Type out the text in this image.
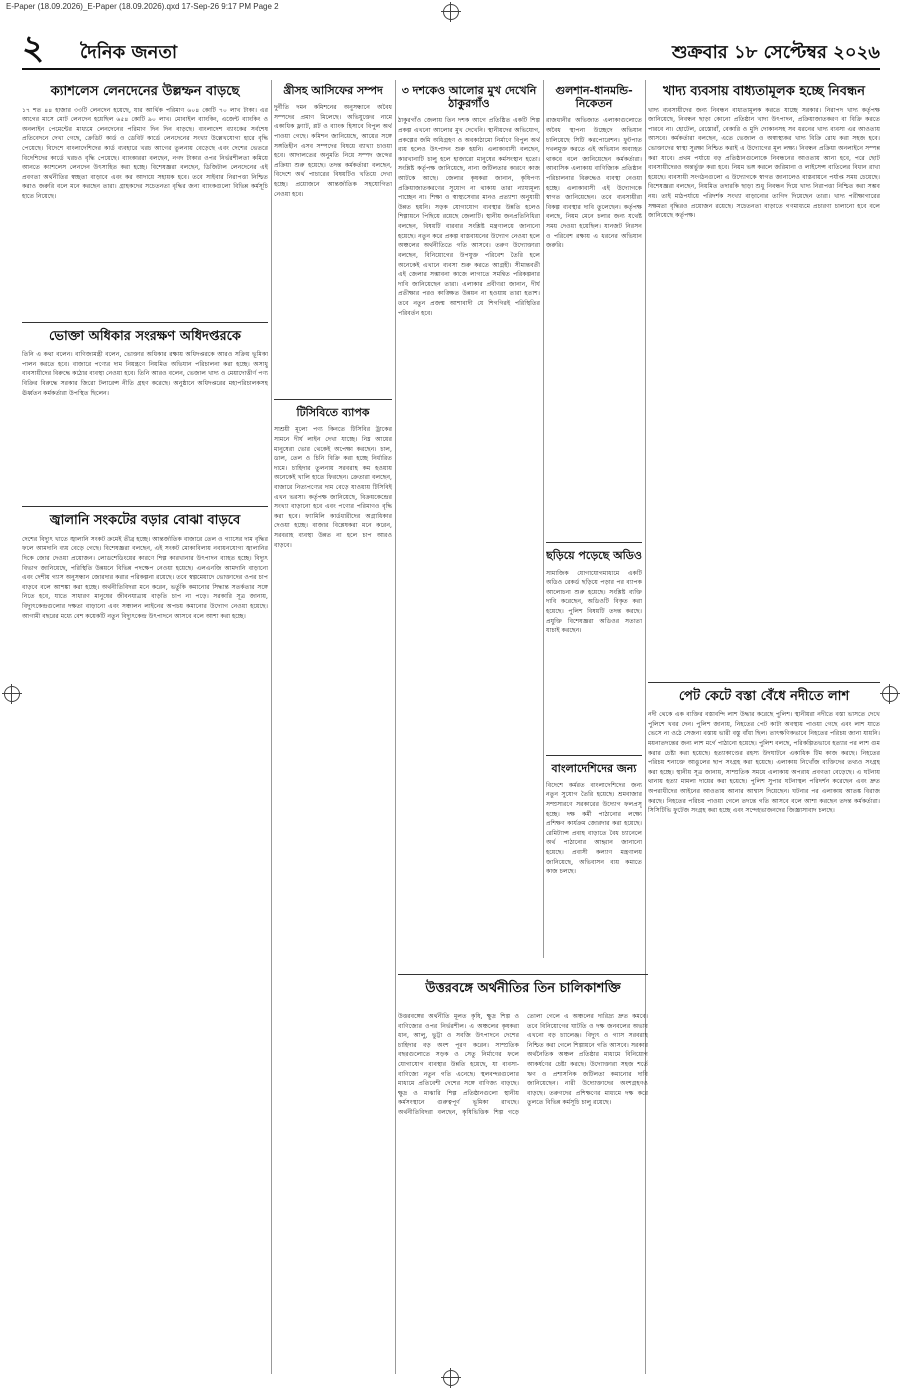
E-Paper (18.09.2026)_E-Paper (18.09.2026).qxd 17-Sep-26 9:17 PM Page 2
২ দৈনিক জনতা	শুক্রবার ১৮ সেপ্টেম্বর ২০২৬
ক্যাশলেস লেনদেনের উল্লম্ফন বাড়ছে
১৭ শত ৪৪ হাজার ৩৩টি লেনদেন হয়েছে, যার আর্থিক পরিমাণ ৬০৪ কোটি ৭০ লাখ টাকা। এর আগের মাসে মোট লেনদেন হয়েছিল ৬৫৪ কোটি ৯০ লাখ। মোবাইল ব্যাংকিং, এজেন্ট ব্যাংকিং ও অনলাইন পেমেন্টের মাধ্যমে লেনদেনের পরিমাণ দিন দিন বাড়ছে। বাংলাদেশ ব্যাংকের সর্বশেষ প্রতিবেদনে দেখা গেছে, ক্রেডিট কার্ড ও ডেবিট কার্ডে লেনদেনের সংখ্যা উল্লেখযোগ্য হারে বৃদ্ধি পেয়েছে। বিদেশে বাংলাদেশিদের কার্ড ব্যবহারে খরচ আগের তুলনায় বেড়েছে এবং দেশের ভেতরে বিদেশিদের কার্ডে খরচও বৃদ্ধি পেয়েছে। ব্যাংকাররা বলছেন, নগদ টাকার ওপর নির্ভরশীলতা কমিয়ে আনতে ক্যাশলেস লেনদেন উৎসাহিত করা হচ্ছে। বিশেষজ্ঞরা বলছেন, ডিজিটাল লেনদেনের এই প্রবণতা অর্থনীতির স্বচ্ছতা বাড়াবে এবং কর আদায়ে সহায়ক হবে। তবে সাইবার নিরাপত্তা নিশ্চিত করাও জরুরি বলে মনে করছেন তারা। গ্রাহকদের সচেতনতা বৃদ্ধির জন্য ব্যাংকগুলো বিভিন্ন কর্মসূচি হাতে নিয়েছে।
ভোক্তা অধিকার সংরক্ষণ অধিদপ্তরকে
তিনি এ কথা বলেন। বাণিজ্যমন্ত্রী বলেন, ভোক্তার অধিকার রক্ষায় অধিদপ্তরকে আরও সক্রিয় ভূমিকা পালন করতে হবে। বাজারে পণ্যের দাম নিয়ন্ত্রণে নিয়মিত অভিযান পরিচালনা করা হচ্ছে। অসাধু ব্যবসায়ীদের বিরুদ্ধে কঠোর ব্যবস্থা নেওয়া হবে। তিনি আরও বলেন, ভেজাল খাদ্য ও মেয়াদোত্তীর্ণ পণ্য বিক্রির বিরুদ্ধে সরকার জিরো টলারেন্স নীতি গ্রহণ করেছে। অনুষ্ঠানে অধিদপ্তরের মহাপরিচালকসহ ঊর্ধ্বতন কর্মকর্তারা উপস্থিত ছিলেন।
জ্বালানি সংকটের বড়ার বোঝা বাড়বে
দেশের বিদ্যুৎ খাতে জ্বালানি সংকট ক্রমেই তীব্র হচ্ছে। আন্তর্জাতিক বাজারে তেল ও গ্যাসের দাম বৃদ্ধির ফলে আমদানি ব্যয় বেড়ে গেছে। বিশেষজ্ঞরা বলছেন, এই সংকট মোকাবিলায় নবায়নযোগ্য জ্বালানির দিকে জোর দেওয়া প্রয়োজন। লোডশেডিংয়ের কারণে শিল্প কারখানার উৎপাদন ব্যাহত হচ্ছে। বিদ্যুৎ বিভাগ জানিয়েছে, পরিস্থিতি উন্নয়নে বিভিন্ন পদক্ষেপ নেওয়া হয়েছে। এলএনজি আমদানি বাড়ানো এবং দেশীয় গ্যাস অনুসন্ধান জোরদার করার পরিকল্পনা রয়েছে। তবে স্বল্পমেয়াদে ভোক্তাদের ওপর চাপ বাড়বে বলে আশঙ্কা করা হচ্ছে। অর্থনীতিবিদরা মনে করেন, ভর্তুকি কমানোর সিদ্ধান্ত সতর্কতার সঙ্গে নিতে হবে, যাতে সাধারণ মানুষের জীবনযাত্রায় বাড়তি চাপ না পড়ে। সরকারি সূত্র জানায়, বিদ্যুৎকেন্দ্রগুলোর দক্ষতা বাড়ানো এবং সঞ্চালন লাইনের অপচয় কমানোর উদ্যোগ নেওয়া হয়েছে। আগামী বছরের মধ্যে বেশ কয়েকটি নতুন বিদ্যুৎকেন্দ্র উৎপাদনে আসবে বলে আশা করা হচ্ছে।
খ্রীসহ আসিফের সম্পদ
দুর্নীতি দমন কমিশনের অনুসন্ধানে অবৈধ সম্পদের প্রমাণ মিলেছে। অভিযুক্তের নামে একাধিক ফ্ল্যাট, প্লট ও ব্যাংক হিসাবে বিপুল অর্থ পাওয়া গেছে। কমিশন জানিয়েছে, আয়ের সঙ্গে সঙ্গতিহীন এসব সম্পদের বিষয়ে ব্যাখ্যা চাওয়া হবে। আদালতের অনুমতি নিয়ে সম্পদ জব্দের প্রক্রিয়া শুরু হয়েছে। তদন্ত কর্মকর্তারা বলছেন, বিদেশে অর্থ পাচারের বিষয়টিও খতিয়ে দেখা হচ্ছে। প্রয়োজনে আন্তর্জাতিক সহযোগিতা নেওয়া হবে।
টিসিবিতে ব্যাপক
সাশ্রয়ী মূল্যে পণ্য কিনতে টিসিবির ট্রাকের সামনে দীর্ঘ লাইন দেখা যাচ্ছে। নিম্ন আয়ের মানুষেরা ভোর থেকেই অপেক্ষা করছেন। চাল, ডাল, তেল ও চিনি বিক্রি করা হচ্ছে নির্ধারিত দামে। চাহিদার তুলনায় সরবরাহ কম হওয়ায় অনেকেই খালি হাতে ফিরছেন। ক্রেতারা বলছেন, বাজারে নিত্যপণ্যের দাম বেড়ে যাওয়ায় টিসিবিই এখন ভরসা। কর্তৃপক্ষ জানিয়েছে, বিক্রয়কেন্দ্রের সংখ্যা বাড়ানো হবে এবং পণ্যের পরিমাণও বৃদ্ধি করা হবে। ফ্যামিলি কার্ডধারীদের অগ্রাধিকার দেওয়া হচ্ছে। বাজার বিশ্লেষকরা মনে করেন, সরবরাহ ব্যবস্থা উন্নত না হলে চাপ আরও বাড়বে।
৩ দশকেও আলোর মুখ দেখেনি ঠাকুরগাঁও
ঠাকুরগাঁও জেলায় তিন দশক আগে প্রতিষ্ঠিত একটি শিল্প প্রকল্প এখনো আলোর মুখ দেখেনি। স্থানীয়দের অভিযোগ, প্রকল্পের জমি অধিগ্রহণ ও অবকাঠামো নির্মাণে বিপুল অর্থ ব্যয় হলেও উৎপাদন শুরু হয়নি। এলাকাবাসী বলছেন, কারখানাটি চালু হলে হাজারো মানুষের কর্মসংস্থান হতো। সংশ্লিষ্ট কর্তৃপক্ষ জানিয়েছে, নানা জটিলতার কারণে কাজ আটকে আছে। জেলার কৃষকরা জানান, কৃষিপণ্য প্রক্রিয়াজাতকরণের সুযোগ না থাকায় তারা ন্যায্যমূল্য পাচ্ছেন না। শিক্ষা ও স্বাস্থ্যসেবার মানও প্রত্যাশা অনুযায়ী উন্নত হয়নি। সড়ক যোগাযোগ ব্যবস্থার উন্নতি হলেও শিল্পায়নে পিছিয়ে রয়েছে জেলাটি। স্থানীয় জনপ্রতিনিধিরা বলছেন, বিষয়টি বারবার সংশ্লিষ্ট মন্ত্রণালয়ে জানানো হয়েছে। নতুন করে প্রকল্প বাস্তবায়নের উদ্যোগ নেওয়া হলে অঞ্চলের অর্থনীতিতে গতি আসবে। তরুণ উদ্যোক্তারা বলছেন, বিনিয়োগের উপযুক্ত পরিবেশ তৈরি হলে অনেকেই এখানে ব্যবসা শুরু করতে আগ্রহী। সীমান্তবর্তী এই জেলার সম্ভাবনা কাজে লাগাতে সমন্বিত পরিকল্পনার দাবি জানিয়েছেন তারা। এলাকার প্রবীণরা জানান, দীর্ঘ প্রতীক্ষার পরও কাঙ্ক্ষিত উন্নয়ন না হওয়ায় তারা হতাশ। তবে নতুন প্রজন্ম আশাবাদী যে শিগগিরই পরিস্থিতির পরিবর্তন হবে।
গুলশান-ধানমন্ডি-নিকেতন
রাজধানীর অভিজাত এলাকাগুলোতে অবৈধ স্থাপনা উচ্ছেদে অভিযান চালিয়েছে সিটি করপোরেশন। ফুটপাত দখলমুক্ত করতে এই অভিযান অব্যাহত থাকবে বলে জানিয়েছেন কর্মকর্তারা। আবাসিক এলাকায় বাণিজ্যিক প্রতিষ্ঠান পরিচালনার বিরুদ্ধেও ব্যবস্থা নেওয়া হচ্ছে। এলাকাবাসী এই উদ্যোগকে স্বাগত জানিয়েছেন। তবে ব্যবসায়ীরা বিকল্প ব্যবস্থার দাবি তুলেছেন। কর্তৃপক্ষ বলছে, নিয়ম মেনে চলার জন্য যথেষ্ট সময় দেওয়া হয়েছিল। যানজট নিরসন ও পরিবেশ রক্ষায় এ ধরনের অভিযান জরুরি।
ছড়িয়ে পড়েছে অডিও
সামাজিক যোগাযোগমাধ্যমে একটি অডিও রেকর্ড ছড়িয়ে পড়ার পর ব্যাপক আলোচনা শুরু হয়েছে। সংশ্লিষ্ট ব্যক্তি দাবি করেছেন, অডিওটি বিকৃত করা হয়েছে। পুলিশ বিষয়টি তদন্ত করছে। প্রযুক্তি বিশেষজ্ঞরা অডিওর সত্যতা যাচাই করছেন।
বাংলাদেশিদের জন্য
বিদেশে কর্মরত বাংলাদেশিদের জন্য নতুন সুযোগ তৈরি হয়েছে। শ্রমবাজার সম্প্রসারণে সরকারের উদ্যোগ ফলপ্রসূ হচ্ছে। দক্ষ কর্মী পাঠানোর লক্ষ্যে প্রশিক্ষণ কার্যক্রম জোরদার করা হয়েছে। রেমিট্যান্স প্রবাহ বাড়াতে বৈধ চ্যানেলে অর্থ পাঠানোর আহ্বান জানানো হয়েছে। প্রবাসী কল্যাণ মন্ত্রণালয় জানিয়েছে, অভিবাসন ব্যয় কমাতে কাজ চলছে।
খাদ্য ব্যবসায় বাধ্যতামূলক হচ্ছে নিবন্ধন
খাদ্য ব্যবসায়ীদের জন্য নিবন্ধন বাধ্যতামূলক করতে যাচ্ছে সরকার। নিরাপদ খাদ্য কর্তৃপক্ষ জানিয়েছে, নিবন্ধন ছাড়া কোনো প্রতিষ্ঠান খাদ্য উৎপাদন, প্রক্রিয়াজাতকরণ বা বিক্রি করতে পারবে না। হোটেল, রেস্তোরাঁ, বেকারি ও মুদি দোকানসহ সব ধরনের খাদ্য ব্যবসা এর আওতায় আসবে। কর্মকর্তারা বলছেন, এতে ভেজাল ও অস্বাস্থ্যকর খাদ্য বিক্রি রোধ করা সহজ হবে। ভোক্তাদের স্বাস্থ্য সুরক্ষা নিশ্চিত করাই এ উদ্যোগের মূল লক্ষ্য। নিবন্ধন প্রক্রিয়া অনলাইনে সম্পন্ন করা যাবে। প্রথম পর্যায়ে বড় প্রতিষ্ঠানগুলোকে নিবন্ধনের আওতায় আনা হবে, পরে ছোট ব্যবসায়ীদেরও অন্তর্ভুক্ত করা হবে। নিয়ম ভঙ্গ করলে জরিমানা ও লাইসেন্স বাতিলের বিধান রাখা হয়েছে। ব্যবসায়ী সংগঠনগুলো এ উদ্যোগকে স্বাগত জানালেও বাস্তবায়নে পর্যাপ্ত সময় চেয়েছে। বিশেষজ্ঞরা বলছেন, নিয়মিত তদারকি ছাড়া শুধু নিবন্ধন দিয়ে খাদ্য নিরাপত্তা নিশ্চিত করা সম্ভব নয়। তাই মাঠপর্যায়ে পরিদর্শক সংখ্যা বাড়ানোর তাগিদ দিয়েছেন তারা। খাদ্য পরীক্ষাগারের সক্ষমতা বৃদ্ধিরও প্রয়োজন রয়েছে। সচেতনতা বাড়াতে গণমাধ্যমে প্রচারণা চালানো হবে বলে জানিয়েছে কর্তৃপক্ষ।
পেট কেটে বস্তা বেঁধে নদীতে লাশ
নদী থেকে এক ব্যক্তির বস্তাবন্দি লাশ উদ্ধার করেছে পুলিশ। স্থানীয়রা নদীতে বস্তা ভাসতে দেখে পুলিশে খবর দেন। পুলিশ জানায়, নিহতের পেট কাটা অবস্থায় পাওয়া গেছে এবং লাশ যাতে ভেসে না ওঠে সেজন্য বস্তায় ভারী বস্তু বাঁধা ছিল। তাৎক্ষণিকভাবে নিহতের পরিচয় জানা যায়নি। ময়নাতদন্তের জন্য লাশ মর্গে পাঠানো হয়েছে। পুলিশ বলছে, পরিকল্পিতভাবে হত্যার পর লাশ গুম করার চেষ্টা করা হয়েছে। হত্যাকাণ্ডের রহস্য উদঘাটনে একাধিক টিম কাজ করছে। নিহতের পরিচয় শনাক্তে আঙুলের ছাপ সংগ্রহ করা হয়েছে। এলাকায় নিখোঁজ ব্যক্তিদের তথ্যও সংগ্রহ করা হচ্ছে। স্থানীয় সূত্র জানায়, সাম্প্রতিক সময়ে এলাকায় অপরাধ প্রবণতা বেড়েছে। এ ঘটনায় থানায় হত্যা মামলা দায়ের করা হয়েছে। পুলিশ সুপার ঘটনাস্থল পরিদর্শন করেছেন এবং দ্রুত অপরাধীদের আইনের আওতায় আনার আশ্বাস দিয়েছেন। ঘটনার পর এলাকায় আতঙ্ক বিরাজ করছে। নিহতের পরিচয় পাওয়া গেলে তদন্তে গতি আসবে বলে আশা করছেন তদন্ত কর্মকর্তারা। সিসিটিভি ফুটেজ সংগ্রহ করা হচ্ছে এবং সন্দেহভাজনদের জিজ্ঞাসাবাদ চলছে।
উত্তরবঙ্গে অর্থনীতির তিন চালিকাশক্তি
উত্তরবঙ্গের অর্থনীতি মূলত কৃষি, ক্ষুদ্র শিল্প ও বাণিজ্যের ওপর নির্ভরশীল। এ অঞ্চলের কৃষকরা ধান, আলু, ভুট্টা ও সবজি উৎপাদনে দেশের চাহিদার বড় অংশ পূরণ করেন। সাম্প্রতিক বছরগুলোতে সড়ক ও সেতু নির্মাণের ফলে যোগাযোগ ব্যবস্থার উন্নতি হয়েছে, যা ব্যবসা-বাণিজ্যে নতুন গতি এনেছে। স্থলবন্দরগুলোর মাধ্যমে প্রতিবেশী দেশের সঙ্গে বাণিজ্য বাড়ছে। ক্ষুদ্র ও মাঝারি শিল্প প্রতিষ্ঠানগুলো স্থানীয় কর্মসংস্থানে গুরুত্বপূর্ণ ভূমিকা রাখছে। অর্থনীতিবিদরা বলছেন, কৃষিভিত্তিক শিল্প গড়ে তোলা গেলে এ অঞ্চলের দারিদ্র্য দ্রুত কমবে। তবে বিনিয়োগের ঘাটতি ও দক্ষ জনবলের অভাব এখনো বড় চ্যালেঞ্জ। বিদ্যুৎ ও গ্যাস সরবরাহ নিশ্চিত করা গেলে শিল্পায়নে গতি আসবে। সরকার অর্থনৈতিক অঞ্চল প্রতিষ্ঠার মাধ্যমে বিনিয়োগ আকর্ষণের চেষ্টা করছে। উদ্যোক্তারা সহজ শর্তে ঋণ ও প্রশাসনিক জটিলতা কমানোর দাবি জানিয়েছেন। নারী উদ্যোক্তাদের অংশগ্রহণও বাড়ছে। তরুণদের প্রশিক্ষণের মাধ্যমে দক্ষ করে তুলতে বিভিন্ন কর্মসূচি চালু রয়েছে।
